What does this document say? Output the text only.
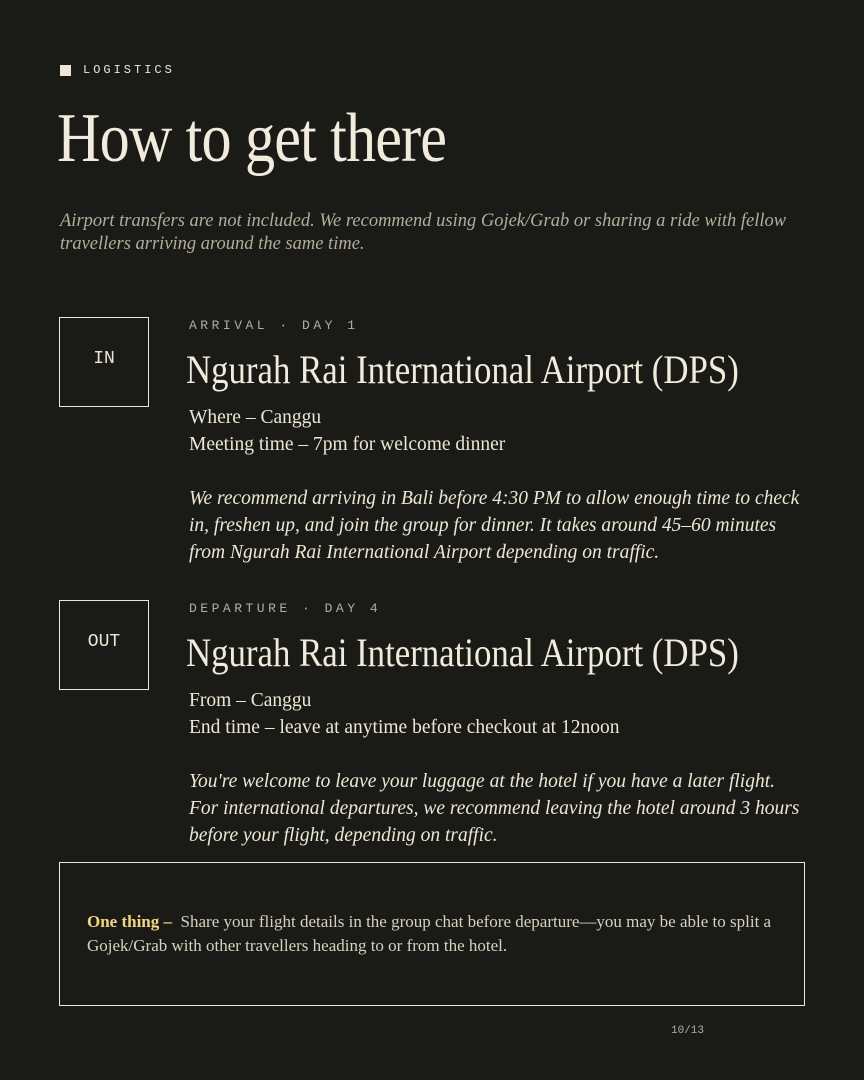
LOGISTICS
How to get there

Airport transfers are not included. We recommend using Gojek/Grab or sharing a ride with fellow travellers arriving around the same time.

IN

ARRIVAL · DAY 1

Ngurah Rai International Airport (DPS)

Where – Canggu

Meeting time – 7pm for welcome dinner

We recommend arriving in Bali before 4:30 PM to allow enough time to check in, freshen up, and join the group for dinner. It takes around 45–60 minutes from Ngurah Rai International Airport depending on traffic.

OUT

DEPARTURE · DAY 4

Ngurah Rai International Airport (DPS)

From – Canggu

End time – leave at anytime before checkout at 12noon

You're welcome to leave your luggage at the hotel if you have a later flight. For international departures, we recommend leaving the hotel around 3 hours before your flight, depending on traffic.

One thing – Share your flight details in the group chat before departure—you may be able to split a Gojek/Grab with other travellers heading to or from the hotel.

10/13
